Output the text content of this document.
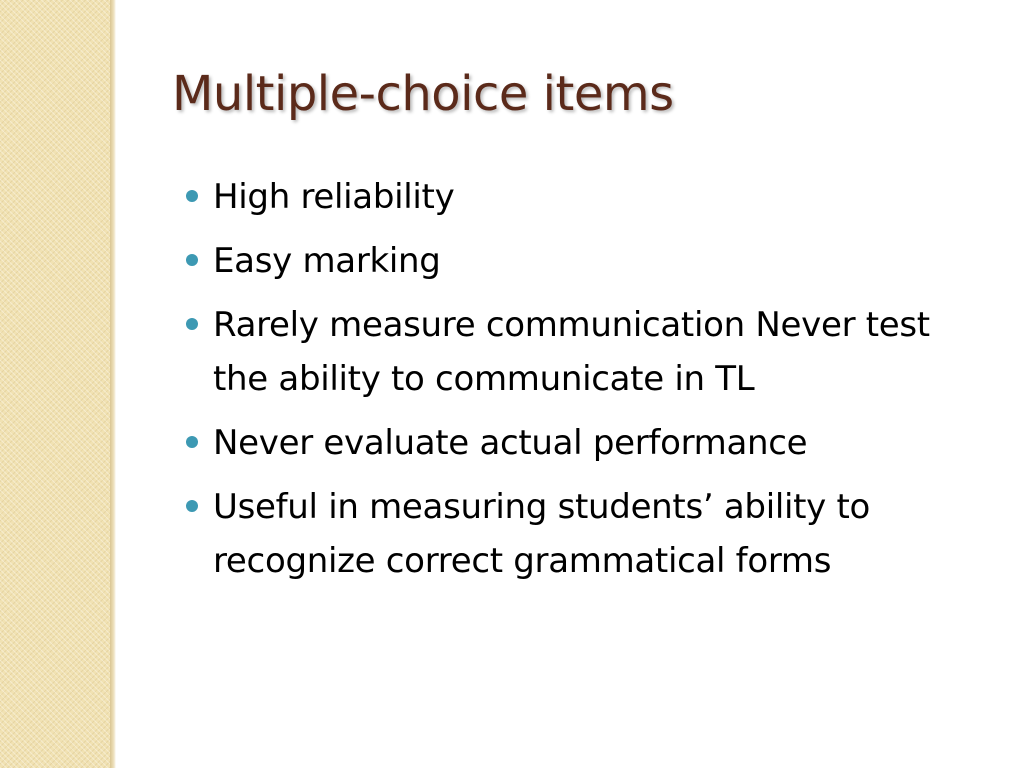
Multiple-choice items
High reliability
Easy marking
Rarely measure communication Never test the ability to communicate in TL
Never evaluate actual performance
Useful in measuring students’ ability to recognize correct grammatical forms
